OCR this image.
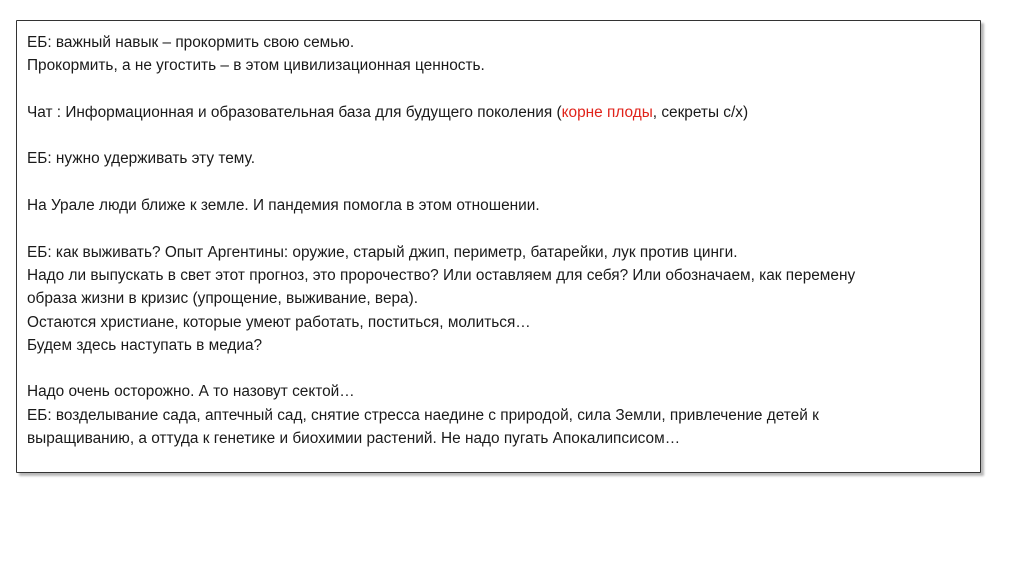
ЕБ: важный навык – прокормить свою семью.
Прокормить, а не угостить – в этом цивилизационная ценность.
Чат : Информационная и образовательная база для будущего поколения (корне плоды, секреты с/х)
ЕБ: нужно удерживать эту тему.
На Урале люди ближе к земле. И пандемия помогла в этом отношении.
ЕБ: как выживать? Опыт Аргентины: оружие, старый джип, периметр, батарейки, лук против цинги.
Надо ли выпускать в свет этот прогноз, это пророчество? Или оставляем для себя? Или обозначаем, как перемену
образа жизни в кризис (упрощение, выживание, вера).
Остаются христиане, которые умеют работать, поститься, молиться…
Будем здесь наступать в медиа?
Надо очень осторожно. А то назовут сектой…
ЕБ: возделывание сада, аптечный сад, снятие стресса наедине с природой, сила Земли, привлечение детей к
выращиванию, а оттуда к генетике и биохимии растений. Не надо пугать Апокалипсисом…
